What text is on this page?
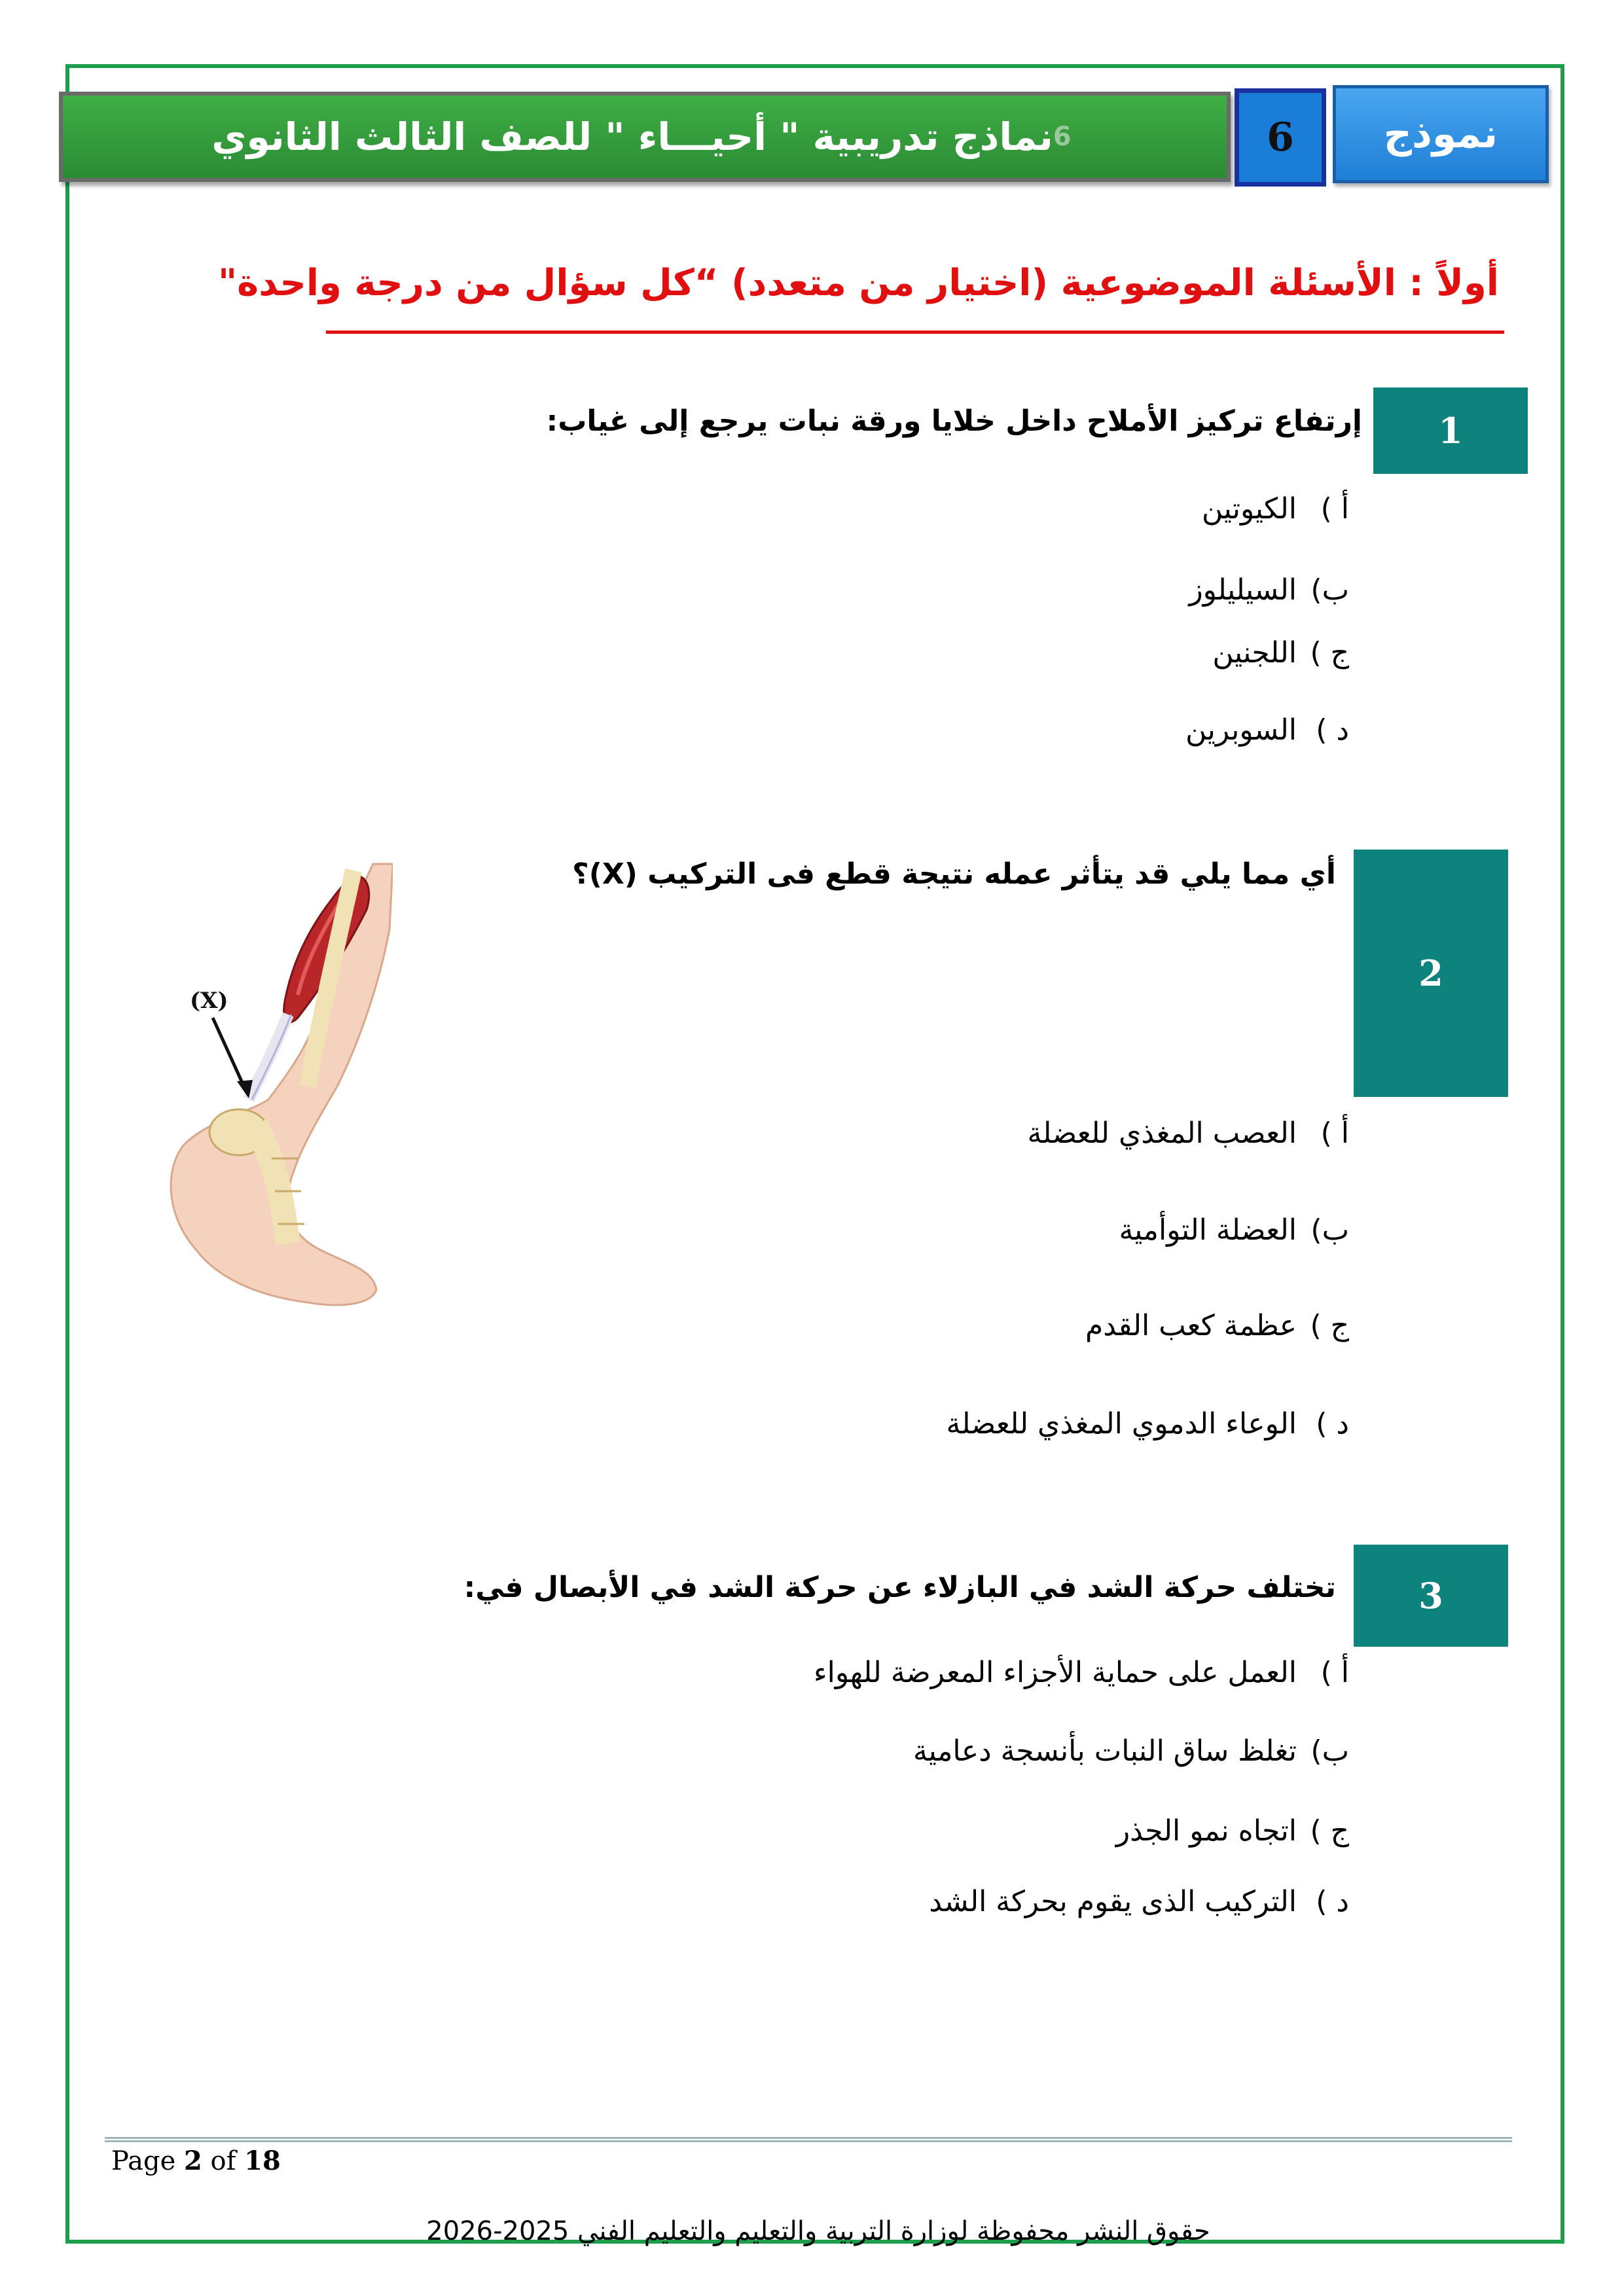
نماذج تدريبية " أحيـــاء " للصف الثالث الثانوي 6	6 نموذج
أولاً : الأسئلة الموضوعية (اختيار من متعدد) “كل سؤال من درجة واحدة"
1
إرتفاع تركيز الأملاح داخل خلايا ورقة نبات يرجع إلى غياب:
أ )الكيوتين
ب)السيليلوز
ج )اللجنين
د )السوبرين
2
أي مما يلي قد يتأثر عمله نتيجة قطع فى التركيب (X)؟
(X)
أ )العصب المغذي للعضلة
ب)العضلة التوأمية
ج )عظمة كعب القدم
د )الوعاء الدموي المغذي للعضلة
3
تختلف حركة الشد في البازلاء عن حركة الشد في الأبصال في:
أ )العمل على حماية الأجزاء المعرضة للهواء
ب)تغلظ ساق النبات بأنسجة دعامية
ج )اتجاه نمو الجذر
د )التركيب الذى يقوم بحركة الشد
Page 2 of 18
حقوق النشر محفوظة لوزارة التربية والتعليم والتعليم الفني 2025-2026
